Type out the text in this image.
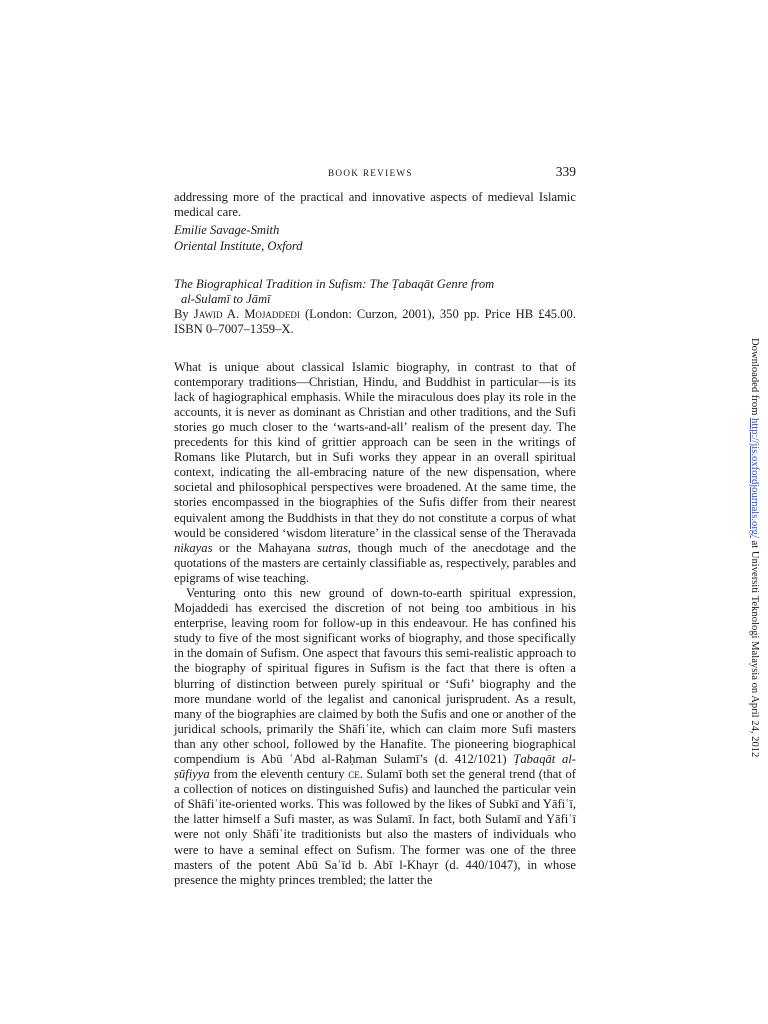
BOOK REVIEWS	339

addressing more of the practical and innovative aspects of medieval Islamic medical care.

Emilie Savage-Smith
Oriental Institute, Oxford
The Biographical Tradition in Sufism: The Ṭabaqāt Genre from
al-Sulamī to Jāmī

By Jawid A. Mojaddedi (London: Curzon, 2001), 350 pp. Price HB £45.00. ISBN 0–7007–1359–X.

What is unique about classical Islamic biography, in contrast to that of contemporary traditions—Christian, Hindu, and Buddhist in particular—is its lack of hagiographical emphasis. While the miraculous does play its role in the accounts, it is never as dominant as Christian and other traditions, and the Sufi stories go much closer to the ‘warts-and-all’ realism of the present day. The precedents for this kind of grittier approach can be seen in the writings of Romans like Plutarch, but in Sufi works they appear in an overall spiritual context, indicating the all-embracing nature of the new dispensation, where societal and philosophical perspectives were broadened. At the same time, the stories encompassed in the biographies of the Sufis differ from their nearest equivalent among the Buddhists in that they do not constitute a corpus of what would be considered ‘wisdom literature’ in the classical sense of the Theravada nikayas or the Mahayana sutras, though much of the anecdotage and the quotations of the masters are certainly classifiable as, respectively, parables and epigrams of wise teaching.

Venturing onto this new ground of down-to-earth spiritual expression, Mojaddedi has exercised the discretion of not being too ambitious in his enterprise, leaving room for follow-up in this endeavour. He has confined his study to five of the most significant works of biography, and those specifically in the domain of Sufism. One aspect that favours this semi-realistic approach to the biography of spiritual figures in Sufism is the fact that there is often a blurring of distinction between purely spiritual or ‘Sufi’ biography and the more mundane world of the legalist and canonical jurisprudent. As a result, many of the biographies are claimed by both the Sufis and one or another of the juridical schools, primarily the Shāfiʿite, which can claim more Sufi masters than any other school, followed by the Hanafite. The pioneering biographical compendium is Abū ʿAbd al-Raḥman Sulamī’s (d. 412/1021) Ṭabaqāt al-ṣūfiyya from the eleventh century ce. Sulamī both set the general trend (that of a collection of notices on distinguished Sufis) and launched the particular vein of Shāfiʿite-oriented works. This was followed by the likes of Subkī and Yāfiʿī, the latter himself a Sufi master, as was Sulamī. In fact, both Sulamī and Yāfiʿī were not only Shāfiʿite traditionists but also the masters of individuals who were to have a seminal effect on Sufism. The former was one of the three masters of the potent Abū Saʿīd b. Abī l-Khayr (d. 440/1047), in whose presence the mighty princes trembled; the latter the

Downloaded from http://jis.oxfordjournals.org/ at Universiti Teknologi Malaysia on April 24, 2012
